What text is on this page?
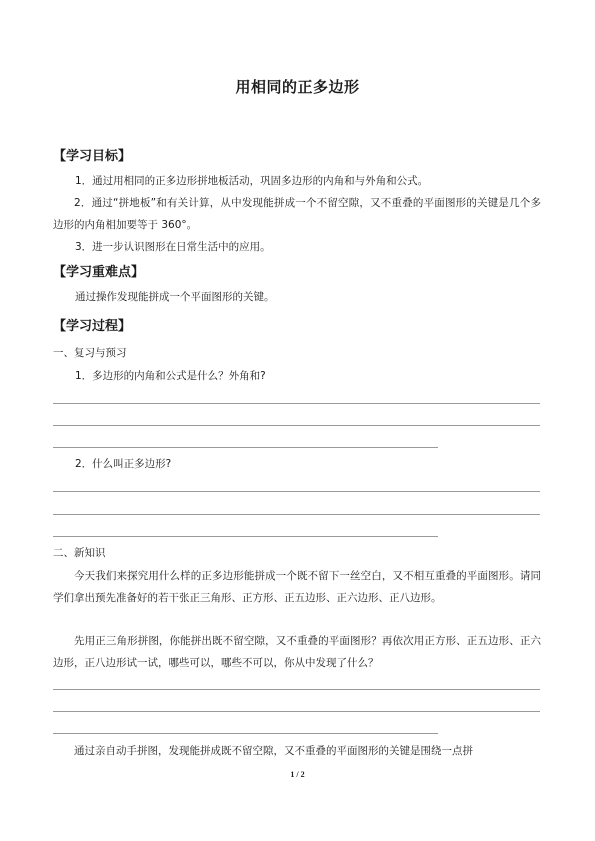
用相同的正多边形
【学习目标】
1．通过用相同的正多边形拼地板活动，巩固多边形的内角和与外角和公式。
2．通过“拼地板”和有关计算，从中发现能拼成一个不留空隙，又不重叠的平面图形的关键是几个多边形的内角相加要等于 360°。
3．进一步认识图形在日常生活中的应用。
【学习重难点】
通过操作发现能拼成一个平面图形的关键。
【学习过程】
一、复习与预习
1．多边形的内角和公式是什么？外角和?
2．什么叫正多边形?
二、新知识
今天我们来探究用什么样的正多边形能拼成一个既不留下一丝空白，又不相互重叠的平面图形。请同学们拿出预先准备好的若干张正三角形、正方形、正五边形、正六边形、正八边形。
先用正三角形拼图，你能拼出既不留空隙，又不重叠的平面图形？再依次用正方形、正五边形、正六边形，正八边形试一试，哪些可以，哪些不可以，你从中发现了什么？
通过亲自动手拼图，发现能拼成既不留空隙，又不重叠的平面图形的关键是围绕一点拼
1 / 2
